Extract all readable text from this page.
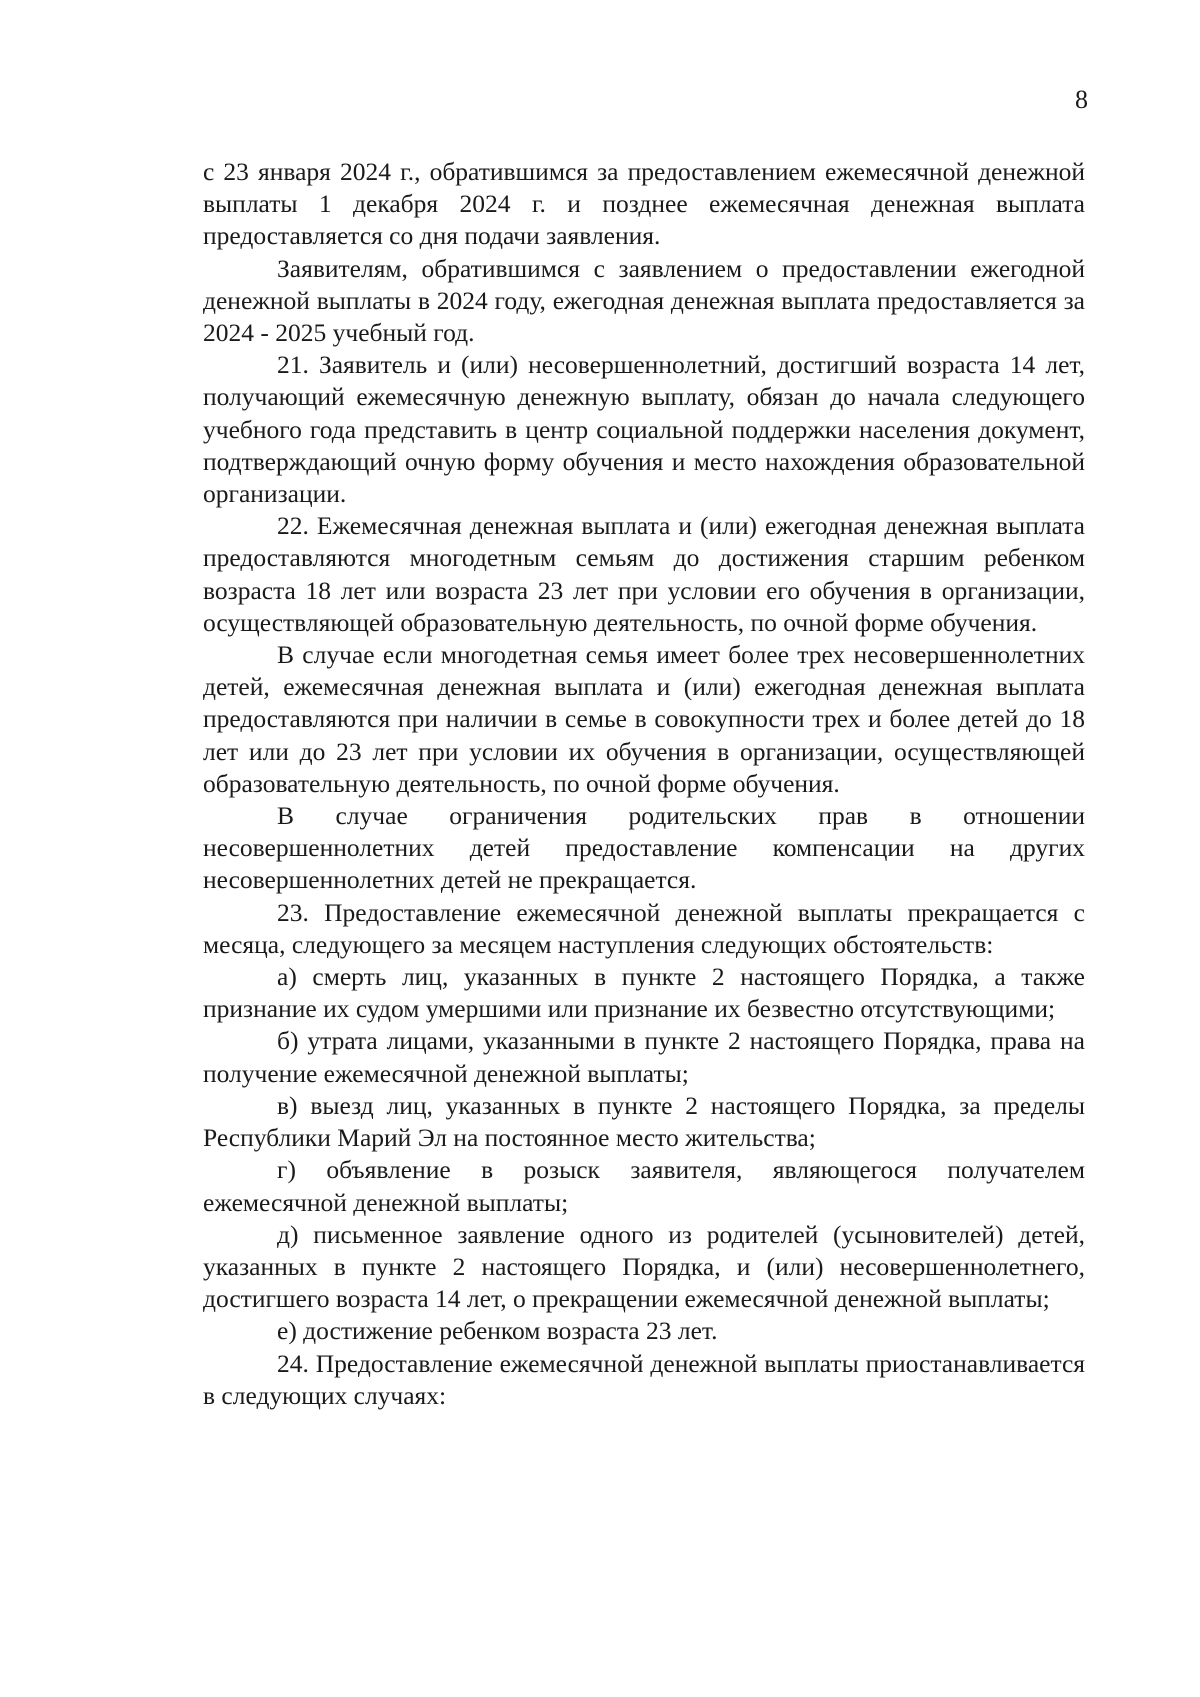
8

с 23 января 2024 г., обратившимся за предоставлением ежемесячной денежной выплаты 1 декабря 2024 г. и позднее ежемесячная денежная выплата предоставляется со дня подачи заявления.

Заявителям, обратившимся с заявлением о предоставлении ежегодной денежной выплаты в 2024 году, ежегодная денежная выплата предоставляется за 2024 - 2025 учебный год.

21. Заявитель и (или) несовершеннолетний, достигший возраста 14 лет, получающий ежемесячную денежную выплату, обязан до начала следующего учебного года представить в центр социальной поддержки населения документ, подтверждающий очную форму обучения и место нахождения образовательной организации.

22. Ежемесячная денежная выплата и (или) ежегодная денежная выплата предоставляются многодетным семьям до достижения старшим ребенком возраста 18 лет или возраста 23 лет при условии его обучения в организации, осуществляющей образовательную деятельность, по очной форме обучения.

В случае если многодетная семья имеет более трех несовершеннолетних детей, ежемесячная денежная выплата и (или) ежегодная денежная выплата предоставляются при наличии в семье в совокупности трех и более детей до 18 лет или до 23 лет при условии их обучения в организации, осуществляющей образовательную деятельность, по очной форме обучения.

В случае ограничения родительских прав в отношении несовершеннолетних детей предоставление компенсации на других несовершеннолетних детей не прекращается.

23. Предоставление ежемесячной денежной выплаты прекращается с месяца, следующего за месяцем наступления следующих обстоятельств:

а) смерть лиц, указанных в пункте 2 настоящего Порядка, а также признание их судом умершими или признание их безвестно отсутствующими;

б) утрата лицами, указанными в пункте 2 настоящего Порядка, права на получение ежемесячной денежной выплаты;

в) выезд лиц, указанных в пункте 2 настоящего Порядка, за пределы Республики Марий Эл на постоянное место жительства;

г) объявление в розыск заявителя, являющегося получателем ежемесячной денежной выплаты;

д) письменное заявление одного из родителей (усыновителей) детей, указанных в пункте 2 настоящего Порядка, и (или) несовершеннолетнего, достигшего возраста 14 лет, о прекращении ежемесячной денежной выплаты;

е) достижение ребенком возраста 23 лет.

24. Предоставление ежемесячной денежной выплаты приостанавливается в следующих случаях:
